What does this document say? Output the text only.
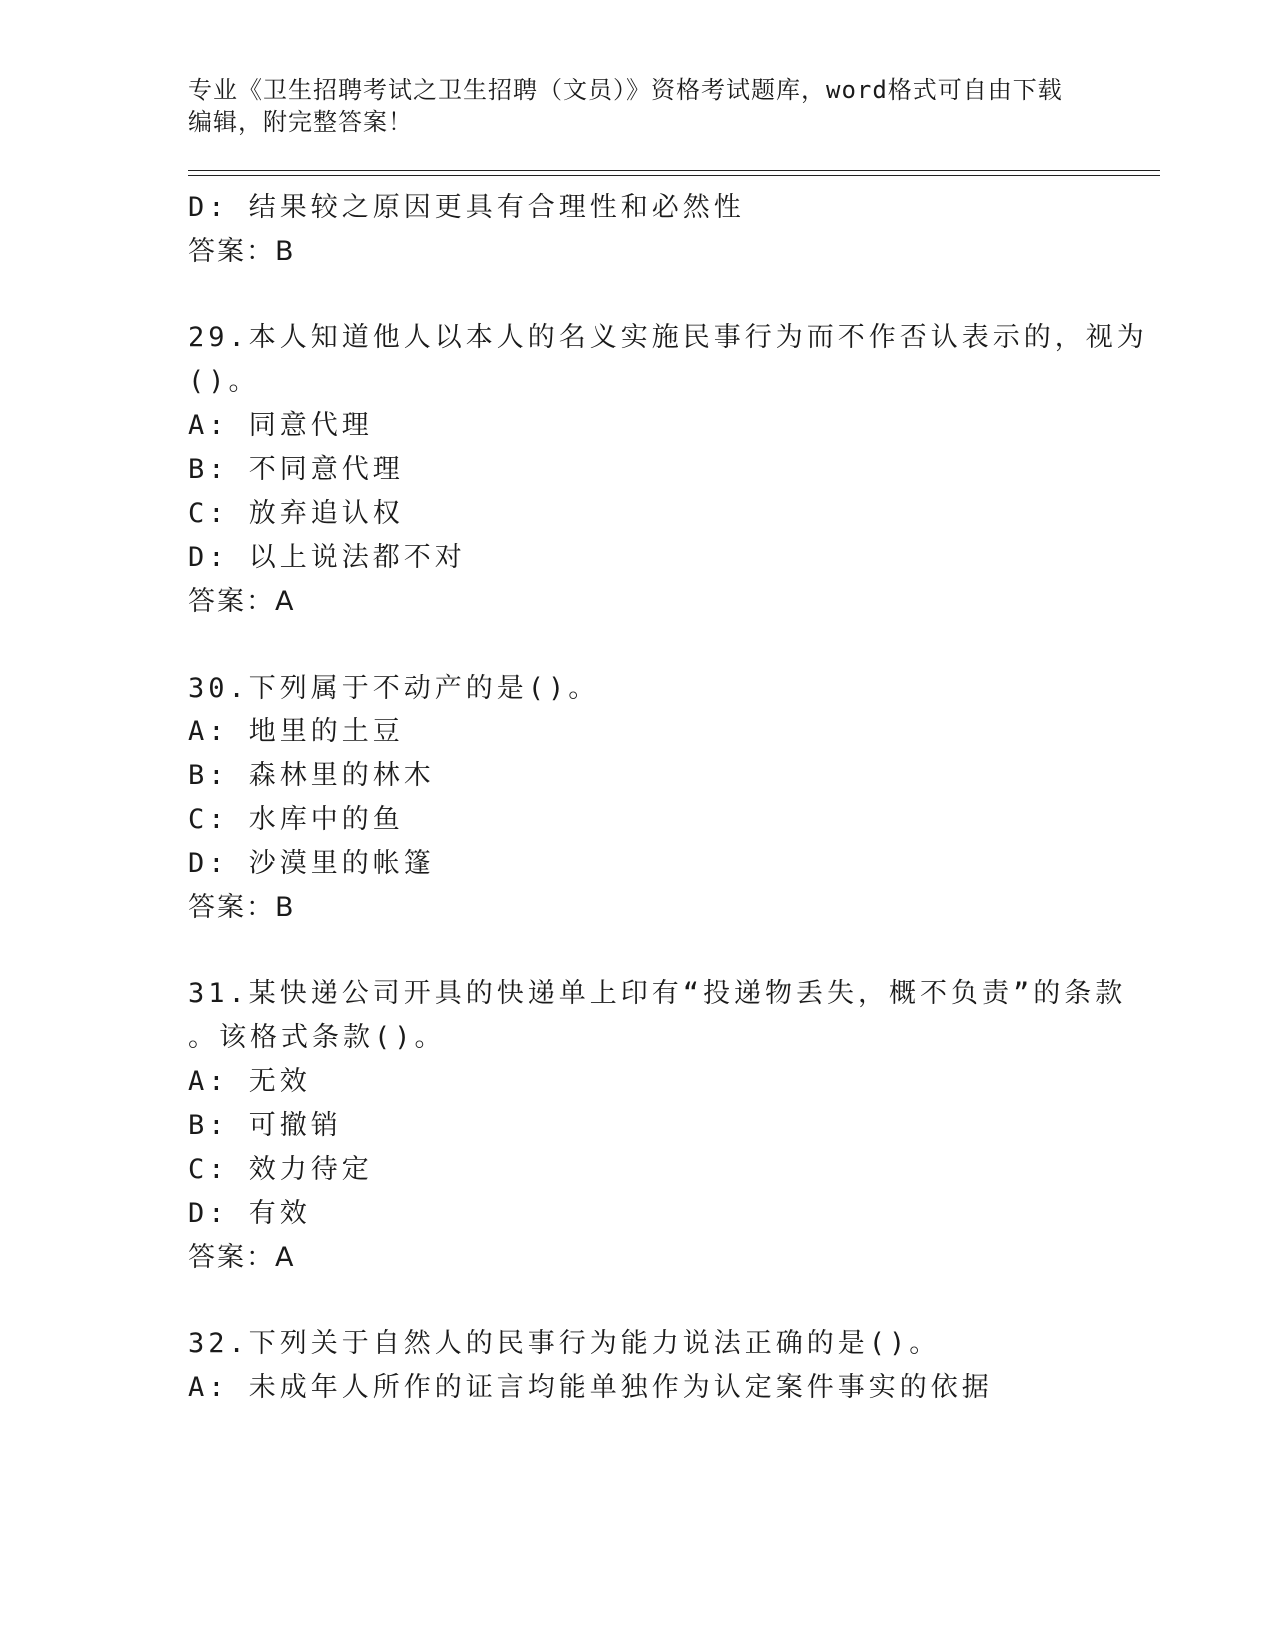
专业《卫生招聘考试之卫生招聘（文员）》资格考试题库，word格式可自由下载
编辑，附完整答案！
D: 结果较之原因更具有合理性和必然性
答案：B
29.本人知道他人以本人的名义实施民事行为而不作否认表示的，视为
()。
A: 同意代理
B: 不同意代理
C: 放弃追认权
D: 以上说法都不对
答案：A
30.下列属于不动产的是()。
A: 地里的土豆
B: 森林里的林木
C: 水库中的鱼
D: 沙漠里的帐篷
答案：B
31.某快递公司开具的快递单上印有“投递物丢失，概不负责”的条款
。该格式条款()。
A: 无效
B: 可撤销
C: 效力待定
D: 有效
答案：A
32.下列关于自然人的民事行为能力说法正确的是()。
A: 未成年人所作的证言均能单独作为认定案件事实的依据
